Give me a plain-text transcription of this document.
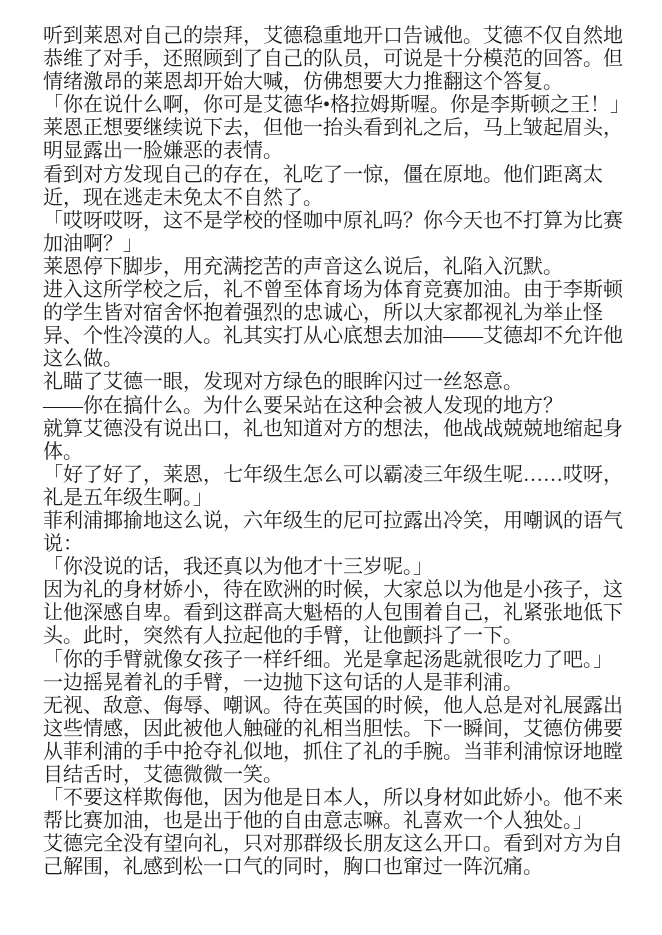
听到莱恩对自己的崇拜，艾德稳重地开口告诫他。艾德不仅自然地恭维了对手，还照顾到了自己的队员，可说是十分模范的回答。但情绪激昂的莱恩却开始大喊，仿佛想要大力推翻这个答复。

「你在说什么啊，你可是艾德华•格拉姆斯喔。你是李斯顿之王！」

莱恩正想要继续说下去，但他一抬头看到礼之后，马上皱起眉头，明显露出一脸嫌恶的表情。

看到对方发现自己的存在，礼吃了一惊，僵在原地。他们距离太近，现在逃走未免太不自然了。

「哎呀哎呀，这不是学校的怪咖中原礼吗？你今天也不打算为比赛加油啊？」

莱恩停下脚步，用充满挖苦的声音这么说后，礼陷入沉默。

进入这所学校之后，礼不曾至体育场为体育竞赛加油。由于李斯顿的学生皆对宿舍怀抱着强烈的忠诚心，所以大家都视礼为举止怪异、个性冷漠的人。礼其实打从心底想去加油——艾德却不允许他这么做。

礼瞄了艾德一眼，发现对方绿色的眼眸闪过一丝怒意。

——你在搞什么。为什么要呆站在这种会被人发现的地方？

就算艾德没有说出口，礼也知道对方的想法，他战战兢兢地缩起身体。

「好了好了，莱恩，七年级生怎么可以霸凌三年级生呢……哎呀，礼是五年级生啊。」

菲利浦揶揄地这么说，六年级生的尼可拉露出冷笑，用嘲讽的语气说：

「你没说的话，我还真以为他才十三岁呢。」

因为礼的身材娇小，待在欧洲的时候，大家总以为他是小孩子，这让他深感自卑。看到这群高大魁梧的人包围着自己，礼紧张地低下头。此时，突然有人拉起他的手臂，让他颤抖了一下。

「你的手臂就像女孩子一样纤细。光是拿起汤匙就很吃力了吧。」

一边摇晃着礼的手臂，一边抛下这句话的人是菲利浦。

无视、敌意、侮辱、嘲讽。待在英国的时候，他人总是对礼展露出这些情感，因此被他人触碰的礼相当胆怯。下一瞬间，艾德仿佛要从菲利浦的手中抢夺礼似地，抓住了礼的手腕。当菲利浦惊讶地瞠目结舌时，艾德微微一笑。

「不要这样欺侮他，因为他是日本人，所以身材如此娇小。他不来帮比赛加油，也是出于他的自由意志嘛。礼喜欢一个人独处。」

艾德完全没有望向礼，只对那群级长朋友这么开口。看到对方为自己解围，礼感到松一口气的同时，胸口也窜过一阵沉痛。
